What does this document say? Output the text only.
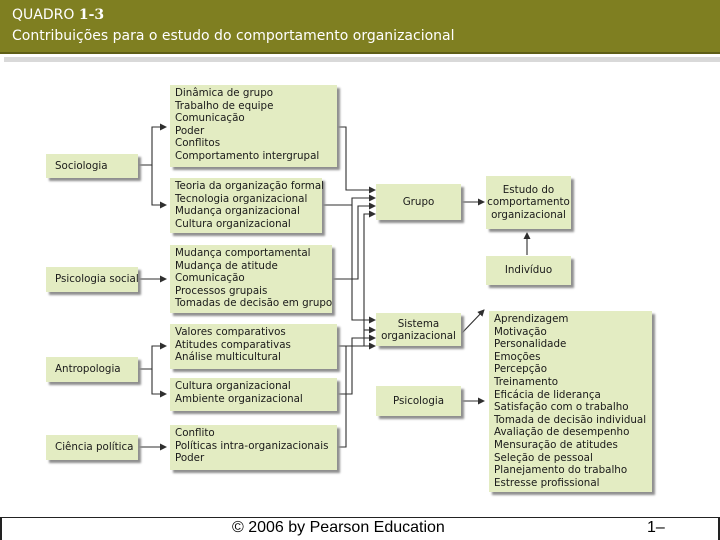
QUADRO 1-3
Contribuições para o estudo do comportamento organizacional
Sociologia
Psicologia social
Antropologia
Ciência política
Dinâmica de grupo
Trabalho de equipe
Comunicação
Poder
Conflitos
Comportamento intergrupal
Teoria da organização formal
Tecnologia organizacional
Mudança organizacional
Cultura organizacional
Mudança comportamental
Mudança de atitude
Comunicação
Processos grupais
Tomadas de decisão em grupo
Valores comparativos
Atitudes comparativas
Análise multicultural
Cultura organizacional
Ambiente organizacional
Conflito
Políticas intra-organizacionais
Poder
Grupo
Sistema
organizacional
Psicologia
Estudo do
comportamento
organizacional
Indivíduo
Aprendizagem
Motivação
Personalidade
Emoções
Percepção
Treinamento
Eficácia de liderança
Satisfação com o trabalho
Tomada de decisão individual
Avaliação de desempenho
Mensuração de atitudes
Seleção de pessoal
Planejamento do trabalho
Estresse profissional
© 2006 by Pearson Education	1–
